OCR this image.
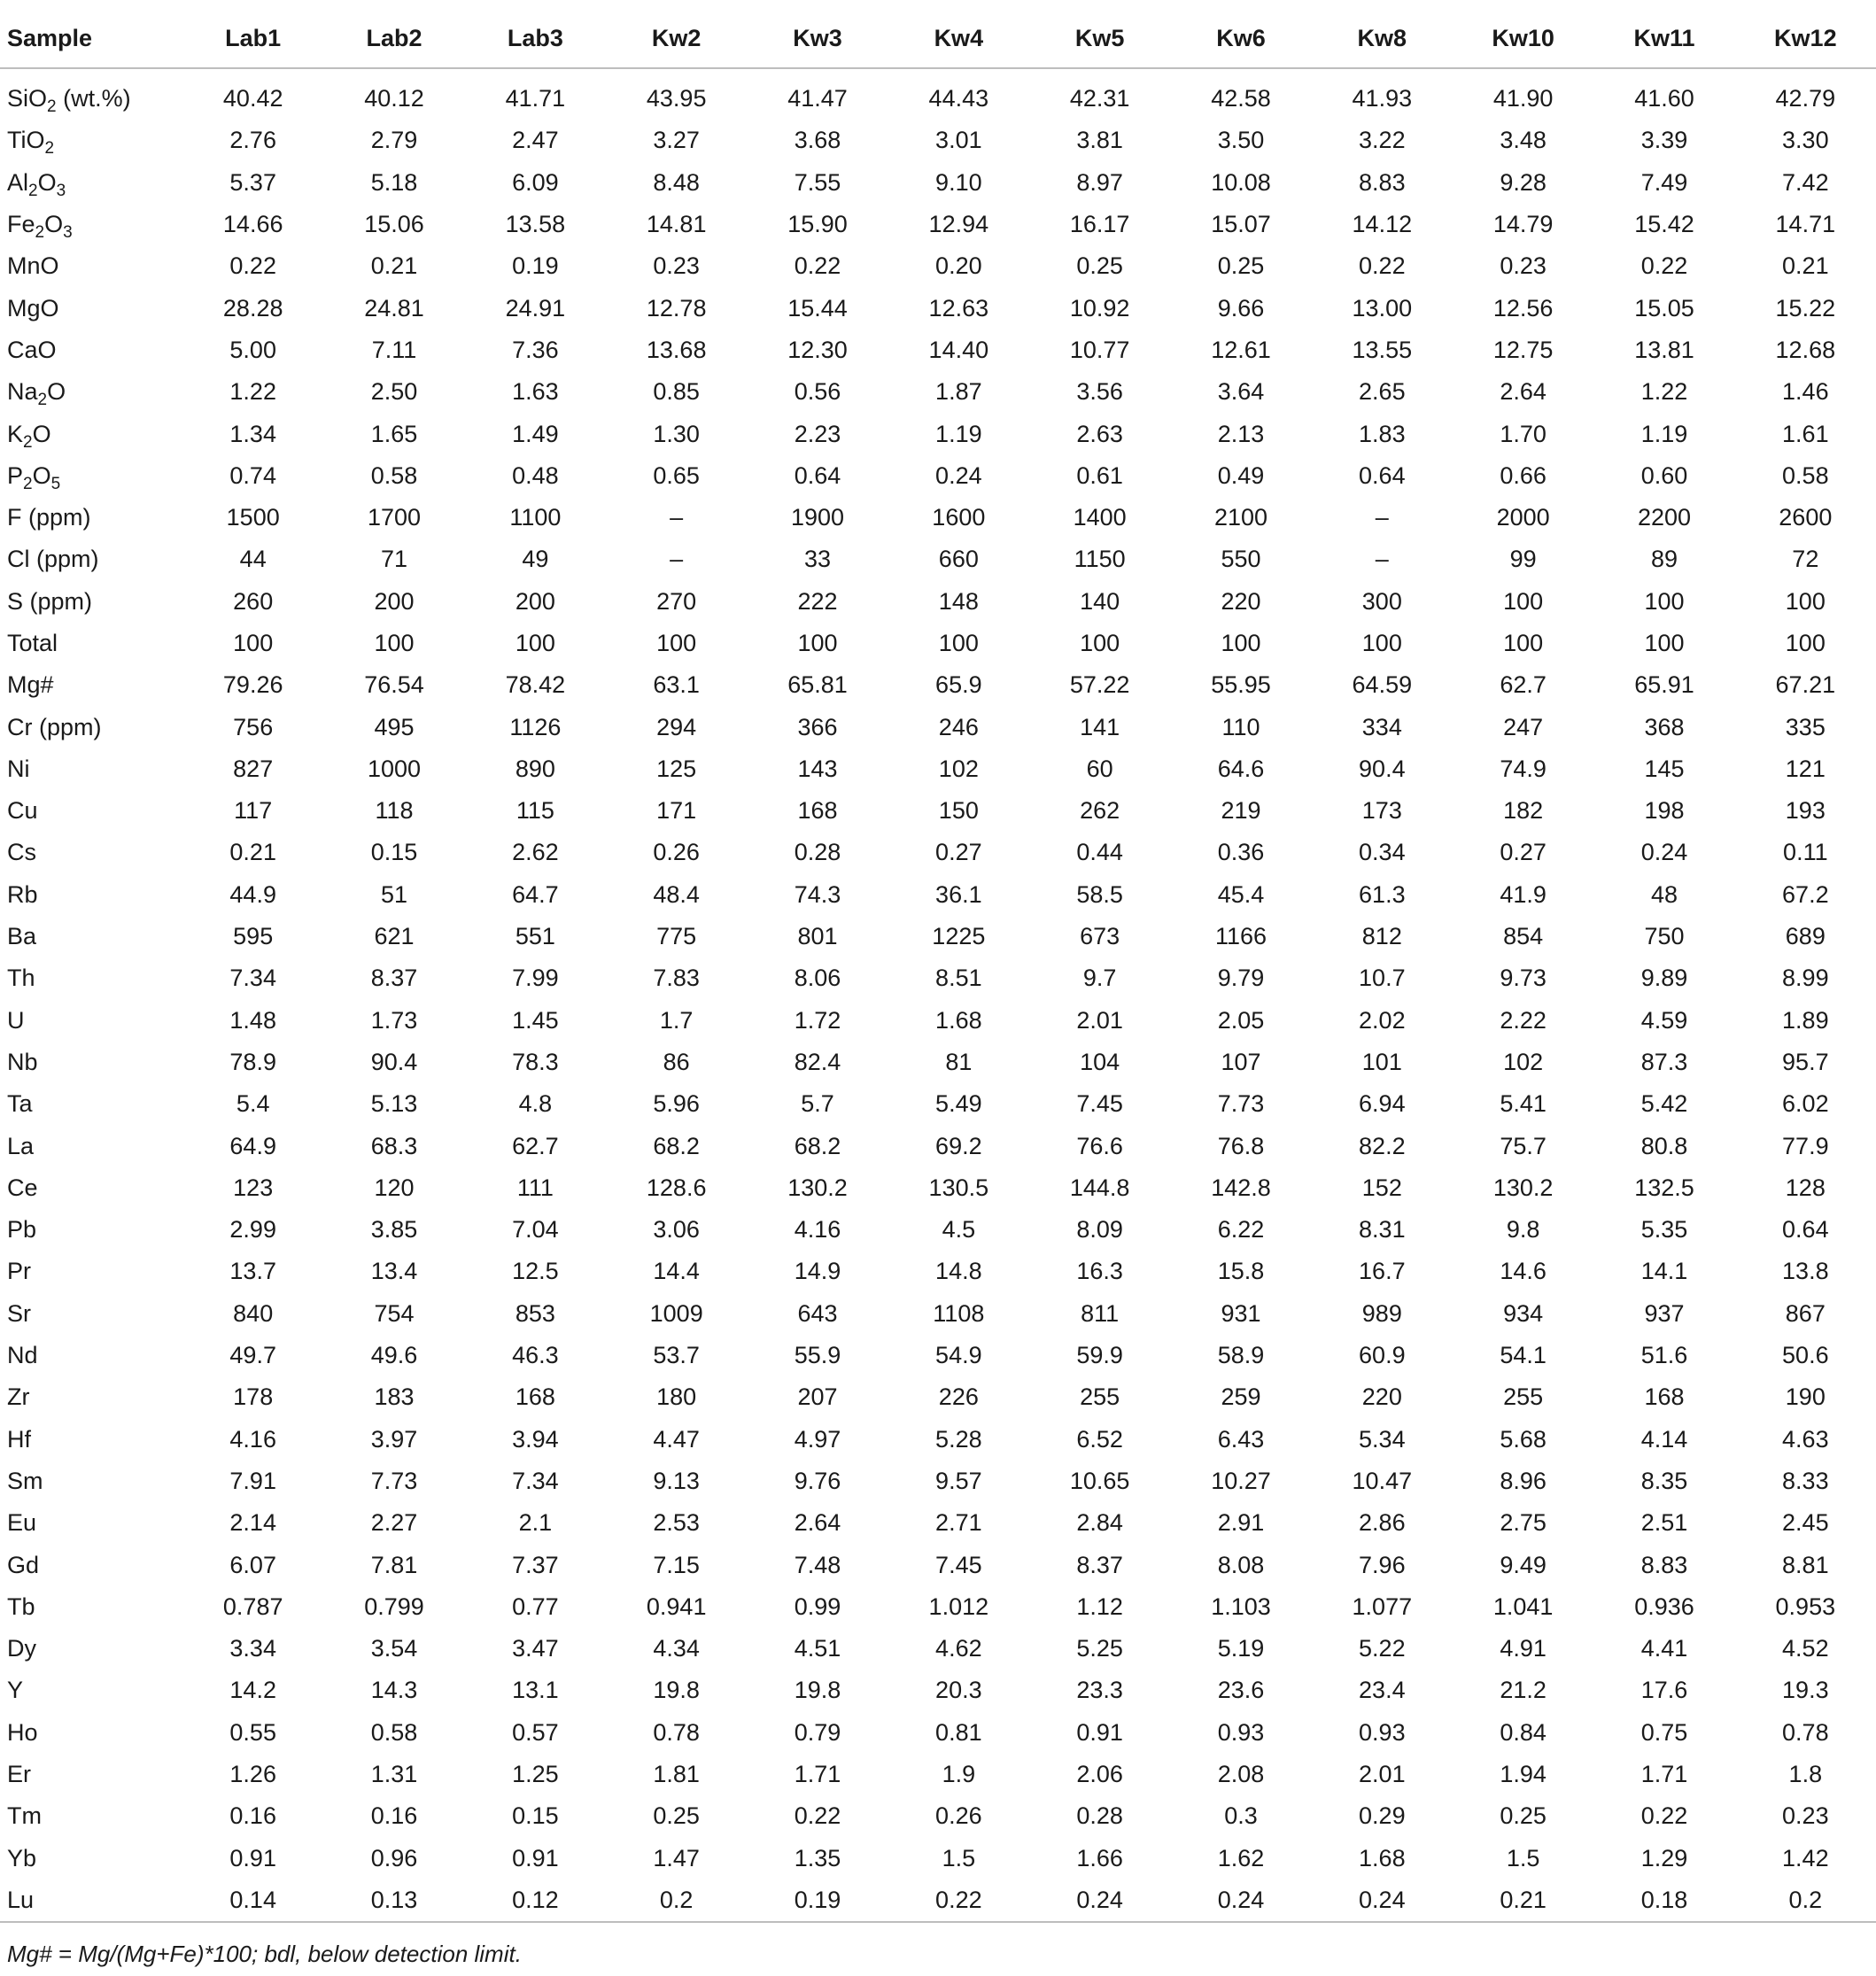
Sample	Lab1	Lab2	Lab3	Kw2	Kw3	Kw4	Kw5	Kw6	Kw8	Kw10	Kw11	Kw12
SiO$_2$ (wt.%)	40.42	40.12	41.71	43.95	41.47	44.43	42.31	42.58	41.93	41.90	41.60	42.79
TiO$_2$	2.76	2.79	2.47	3.27	3.68	3.01	3.81	3.50	3.22	3.48	3.39	3.30
$Al_2O_3$	5.37	5.18	6.09	8.48	7.55	9.10	8.97	10.08	8.83	9.28	7.49	7.42
$Fe_2O_3$	14.66	15.06	13.58	14.81	15.90	12.94	16.17	15.07	14.12	14.79	15.42	14.71
MnO	0.22	0.21	0.19	0.23	0.22	0.20	0.25	0.25	0.22	0.23	0.22	0.21
MgO	28.28	24.81	24.91	12.78	15.44	12.63	10.92	9.66	13.00	12.56	15.05	15.22
CaO	5.00	7.11	7.36	13.68	12.30	14.40	10.77	12.61	13.55	12.75	13.81	12.68
$Na_2O$	1.22	2.50	1.63	0.85	0.56	1.87	3.56	3.64	2.65	2.64	1.22	1.46
$K_2O$	1.34	1.65	1.49	1.30	2.23	1.19	2.63	2.13	1.83	1.70	1.19	1.61
$P_2O_5$	0.74	0.58	0.48	0.65	0.64	0.24	0.61	0.49	0.64	0.66	0.60	0.58
F (ppm)	1500	1700	1100	–	1900	1600	1400	2100	–	2000	2200	2600
Cl (ppm)	44	71	49	–	33	660	1150	550	–	99	89	72
S (ppm)	260	200	200	270	222	148	140	220	300	100	100	100
Total	100	100	100	100	100	100	100	100	100	100	100	100
Mg#	79.26	76.54	78.42	63.1	65.81	65.9	57.22	55.95	64.59	62.7	65.91	67.21
Cr (ppm)	756	495	1126	294	366	246	141	110	334	247	368	335
Ni	827	1000	890	125	143	102	60	64.6	90.4	74.9	145	121
Cu	117	118	115	171	168	150	262	219	173	182	198	193
Cs	0.21	0.15	2.62	0.26	0.28	0.27	0.44	0.36	0.34	0.27	0.24	0.11
Rb	44.9	51	64.7	48.4	74.3	36.1	58.5	45.4	61.3	41.9	48	67.2
Ba	595	621	551	775	801	1225	673	1166	812	854	750	689
Th	7.34	8.37	7.99	7.83	8.06	8.51	9.7	9.79	10.7	9.73	9.89	8.99
U	1.48	1.73	1.45	1.7	1.72	1.68	2.01	2.05	2.02	2.22	4.59	1.89
Nb	78.9	90.4	78.3	86	82.4	81	104	107	101	102	87.3	95.7
Ta	5.4	5.13	4.8	5.96	5.7	5.49	7.45	7.73	6.94	5.41	5.42	6.02
La	64.9	68.3	62.7	68.2	68.2	69.2	76.6	76.8	82.2	75.7	80.8	77.9
Ce	123	120	111	128.6	130.2	130.5	144.8	142.8	152	130.2	132.5	128
Pb	2.99	3.85	7.04	3.06	4.16	4.5	8.09	6.22	8.31	9.8	5.35	0.64
Pr	13.7	13.4	12.5	14.4	14.9	14.8	16.3	15.8	16.7	14.6	14.1	13.8
Sr	840	754	853	1009	643	1108	811	931	989	934	937	867
Nd	49.7	49.6	46.3	53.7	55.9	54.9	59.9	58.9	60.9	54.1	51.6	50.6
Zr	178	183	168	180	207	226	255	259	220	255	168	190
Hf	4.16	3.97	3.94	4.47	4.97	5.28	6.52	6.43	5.34	5.68	4.14	4.63
Sm	7.91	7.73	7.34	9.13	9.76	9.57	10.65	10.27	10.47	8.96	8.35	8.33
Eu	2.14	2.27	2.1	2.53	2.64	2.71	2.84	2.91	2.86	2.75	2.51	2.45
Gd	6.07	7.81	7.37	7.15	7.48	7.45	8.37	8.08	7.96	9.49	8.83	8.81
Tb	0.787	0.799	0.77	0.941	0.99	1.012	1.12	1.103	1.077	1.041	0.936	0.953
Dy	3.34	3.54	3.47	4.34	4.51	4.62	5.25	5.19	5.22	4.91	4.41	4.52
Y	14.2	14.3	13.1	19.8	19.8	20.3	23.3	23.6	23.4	21.2	17.6	19.3
Ho	0.55	0.58	0.57	0.78	0.79	0.81	0.91	0.93	0.93	0.84	0.75	0.78
Er	1.26	1.31	1.25	1.81	1.71	1.9	2.06	2.08	2.01	1.94	1.71	1.8
Tm	0.16	0.16	0.15	0.25	0.22	0.26	0.28	0.3	0.29	0.25	0.22	0.23
Yb	0.91	0.96	0.91	1.47	1.35	1.5	1.66	1.62	1.68	1.5	1.29	1.42
Lu	0.14	0.13	0.12	0.2	0.19	0.22	0.24	0.24	0.24	0.21	0.18	0.2
Mg# = Mg/(Mg+Fe)*100; bdl, below detection limit.
